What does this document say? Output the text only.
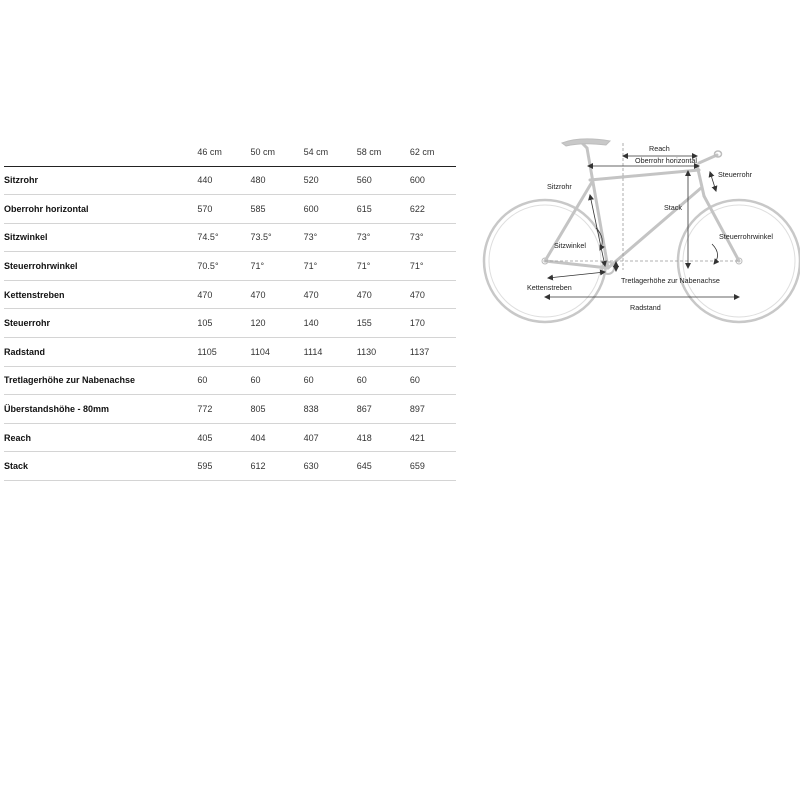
	46 cm	50 cm	54 cm	58 cm	62 cm
Sitzrohr	440	480	520	560	600
Oberrohr horizontal	570	585	600	615	622
Sitzwinkel	74.5°	73.5°	73°	73°	73°
Steuerrohrwinkel	70.5°	71°	71°	71°	71°
Kettenstreben	470	470	470	470	470
Steuerrohr	105	120	140	155	170
Radstand	1105	1104	1114	1130	1137
Tretlagerhöhe zur Nabenachse	60	60	60	60	60
Überstandshöhe - 80mm	772	805	838	867	897
Reach	405	404	407	418	421
Stack	595	612	630	645	659
Reach
Oberrohr horizontal
Steuerrohr
Sitzrohr
Stack
Steuerrohrwinkel
Sitzwinkel
Tretlagerhöhe zur Nabenachse
Kettenstreben
Radstand
